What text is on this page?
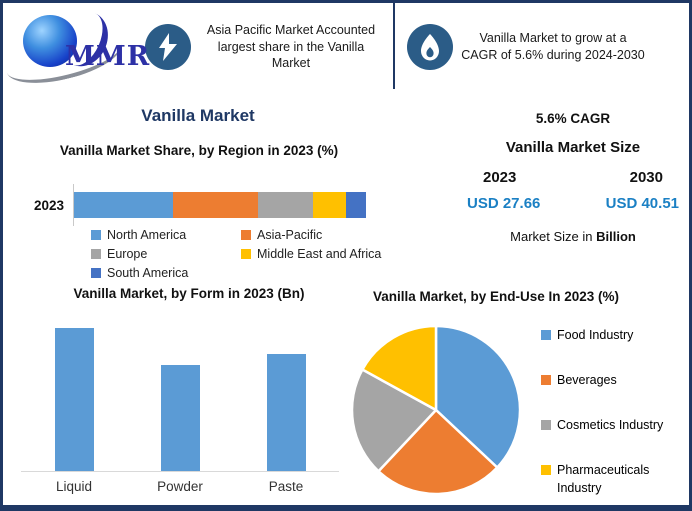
MMR

Asia Pacific Market Accounted largest share in the Vanilla Market

Vanilla Market to grow at a CAGR of 5.6% during 2024-2030

Vanilla Market
Vanilla Market Share, by Region in 2023 (%)
2023
North America	Asia-Pacific
Europe	Middle East and Africa
South America
Vanilla Market, by Form in 2023 (Bn)
Liquid	Powder	Paste
5.6% CAGR
Vanilla Market Size
2023	2030
USD 27.66	USD 40.51
Market Size in Billion
Vanilla Market, by End-Use In 2023 (%)
Food Industry
Beverages
Cosmetics Industry
Pharmaceuticals Industry
